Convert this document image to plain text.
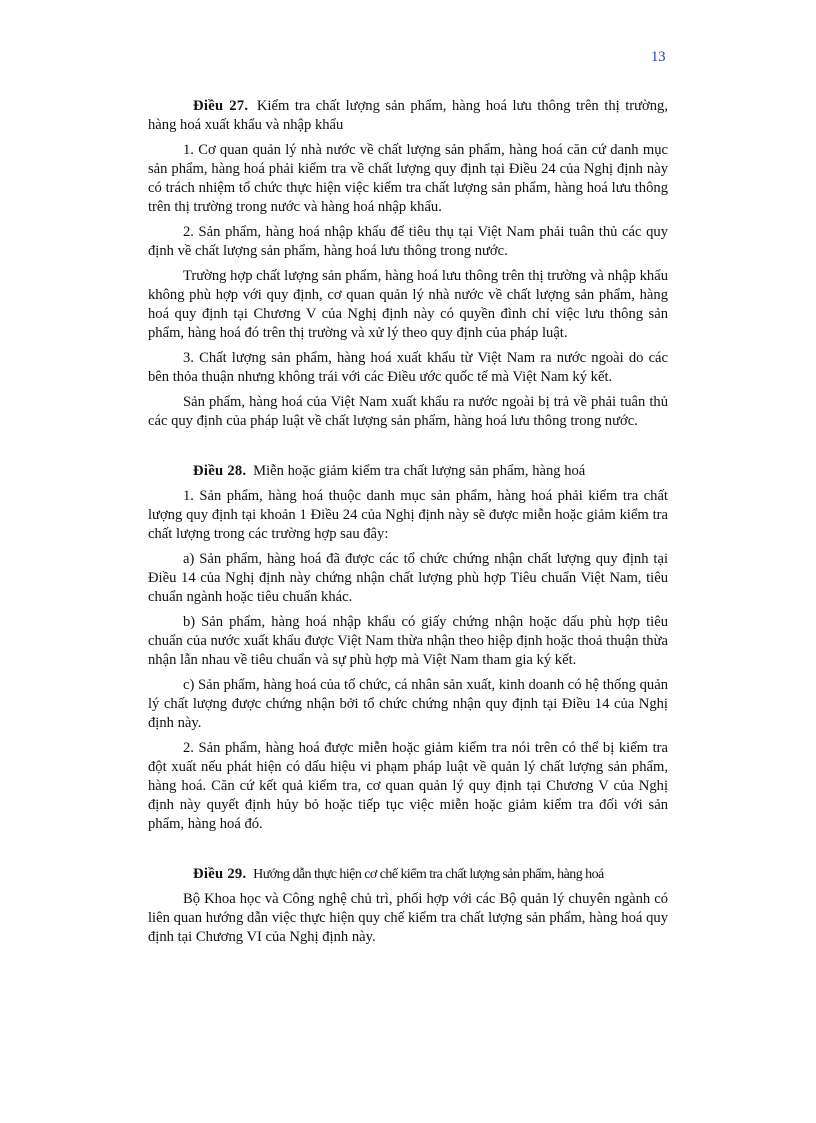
13

Điều 27. Kiểm tra chất lượng sản phẩm, hàng hoá lưu thông trên thị trường, hàng hoá xuất khẩu và nhập khẩu

1. Cơ quan quản lý nhà nước về chất lượng sản phẩm, hàng hoá căn cứ danh mục sản phẩm, hàng hoá phải kiểm tra về chất lượng quy định tại Điều 24 của Nghị định này có trách nhiệm tổ chức thực hiện việc kiểm tra chất lượng sản phẩm, hàng hoá lưu thông trên thị trường trong nước và hàng hoá nhập khẩu.

2. Sản phẩm, hàng hoá nhập khẩu để tiêu thụ tại Việt Nam phải tuân thủ các quy định về chất lượng sản phẩm, hàng hoá lưu thông trong nước.

Trường hợp chất lượng sản phẩm, hàng hoá lưu thông trên thị trường và nhập khẩu không phù hợp với quy định, cơ quan quản lý nhà nước về chất lượng sản phẩm, hàng hoá quy định tại Chương V của Nghị định này có quyền đình chỉ việc lưu thông sản phẩm, hàng hoá đó trên thị trường và xử lý theo quy định của pháp luật.

3. Chất lượng sản phẩm, hàng hoá xuất khẩu từ Việt Nam ra nước ngoài do các bên thỏa thuận nhưng không trái với các Điều ước quốc tế mà Việt Nam ký kết.

Sản phẩm, hàng hoá của Việt Nam xuất khẩu ra nước ngoài bị trả về phải tuân thủ các quy định của pháp luật về chất lượng sản phẩm, hàng hoá lưu thông trong nước.

Điều 28. Miễn hoặc giảm kiểm tra chất lượng sản phẩm, hàng hoá

1. Sản phẩm, hàng hoá thuộc danh mục sản phẩm, hàng hoá phải kiểm tra chất lượng quy định tại khoản 1 Điều 24 của Nghị định này sẽ được miễn hoặc giảm kiểm tra chất lượng trong các trường hợp sau đây:

a) Sản phẩm, hàng hoá đã được các tổ chức chứng nhận chất lượng quy định tại Điều 14 của Nghị định này chứng nhận chất lượng phù hợp Tiêu chuẩn Việt Nam, tiêu chuẩn ngành hoặc tiêu chuẩn khác.

b) Sản phẩm, hàng hoá nhập khẩu có giấy chứng nhận hoặc dấu phù hợp tiêu chuẩn của nước xuất khẩu được Việt Nam thừa nhận theo hiệp định hoặc thoả thuận thừa nhận lẫn nhau về tiêu chuẩn và sự phù hợp mà Việt Nam tham gia ký kết.

c) Sản phẩm, hàng hoá của tổ chức, cá nhân sản xuất, kinh doanh có hệ thống quản lý chất lượng được chứng nhận bởi tổ chức chứng nhận quy định tại Điều 14 của Nghị định này.

2. Sản phẩm, hàng hoá được miễn hoặc giảm kiểm tra nói trên có thể bị kiểm tra đột xuất nếu phát hiện có dấu hiệu vi phạm pháp luật về quản lý chất lượng sản phẩm, hàng hoá. Căn cứ kết quả kiểm tra, cơ quan quản lý quy định tại Chương V của Nghị định này quyết định hủy bỏ hoặc tiếp tục việc miễn hoặc giảm kiểm tra đối với sản phẩm, hàng hoá đó.

Điều 29. Hướng dẫn thực hiện cơ chế kiểm tra chất lượng sản phẩm, hàng hoá

Bộ Khoa học và Công nghệ chủ trì, phối hợp với các Bộ quản lý chuyên ngành có liên quan hướng dẫn việc thực hiện quy chế kiểm tra chất lượng sản phẩm, hàng hoá quy định tại Chương VI của Nghị định này.
